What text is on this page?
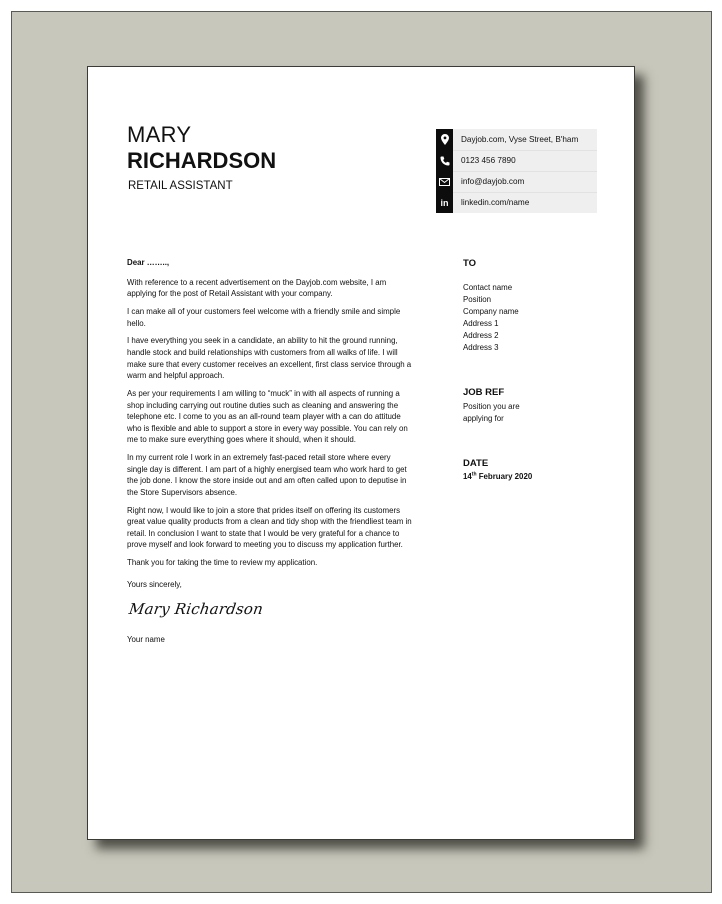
MARY
RICHARDSON
RETAIL ASSISTANT
in
Dayjob.com, Vyse Street, B'ham
0123 456 7890
info@dayjob.com
linkedin.com/name

Dear ……..,

With reference to a recent advertisement on the Dayjob.com website, I am applying for the post of Retail Assistant with your company.

I can make all of your customers feel welcome with a friendly smile and simple hello.

I have everything you seek in a candidate, an ability to hit the ground running, handle stock and build relationships with customers from all walks of life. I will make sure that every customer receives an excellent, first class service through a warm and helpful approach.

As per your requirements I am willing to “muck” in with all aspects of running a shop including carrying out routine duties such as cleaning and answering the telephone etc. I come to you as an all-round team player with a can do attitude who is flexible and able to support a store in every way possible. You can rely on me to make sure everything goes where it should, when it should.

In my current role I work in an extremely fast-paced retail store where every single day is different. I am part of a highly energised team who work hard to get the job done. I know the store inside out and am often called upon to deputise in the Store Supervisors absence.

Right now, I would like to join a store that prides itself on offering its customers great value quality products from a clean and tidy shop with the friendliest team in retail. In conclusion I want to state that I would be very grateful for a chance to prove myself and look forward to meeting you to discuss my application further.

Thank you for taking the time to review my application.

Yours sincerely,

Mary Richardson

Your name

TO
Contact name
Position
Company name
Address 1
Address 2
Address 3
JOB REF
Position you are
applying for
DATE
14th February 2020
